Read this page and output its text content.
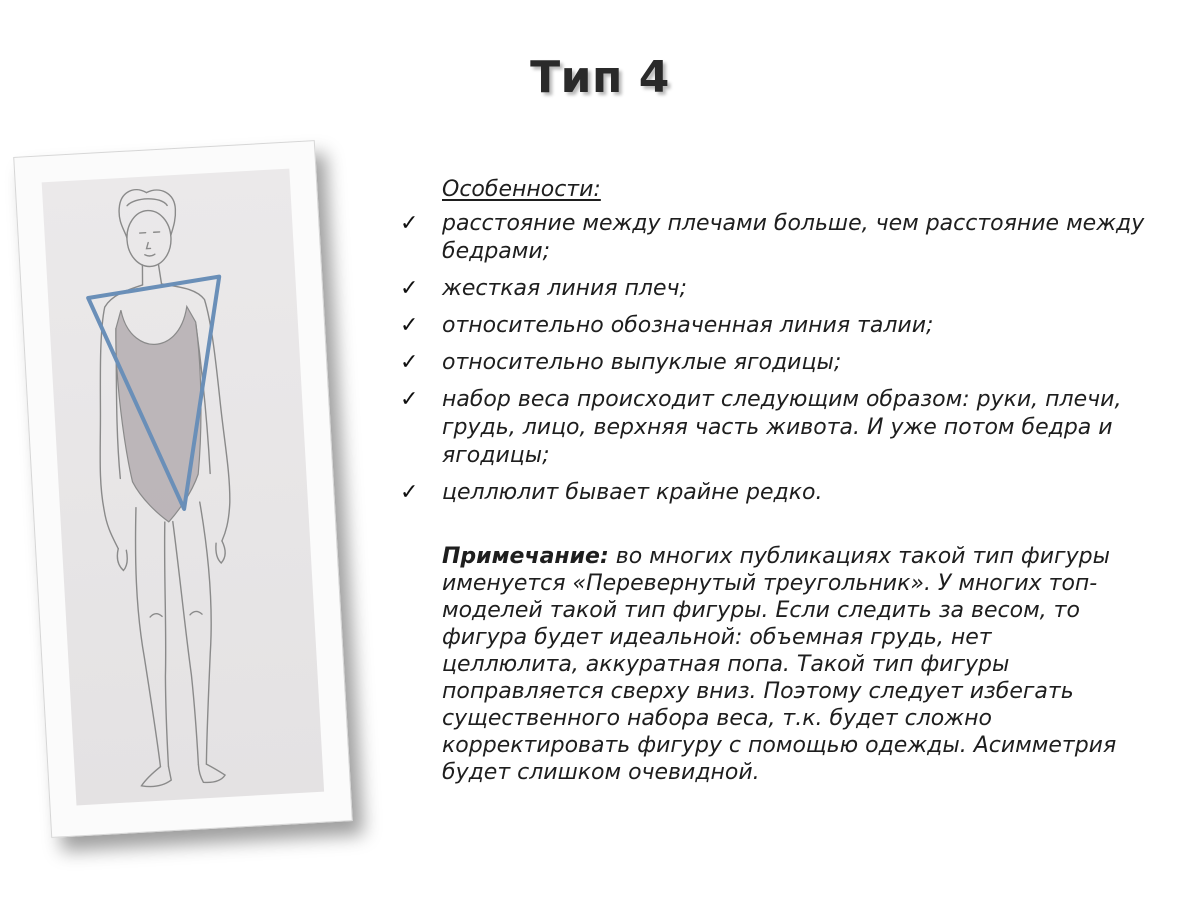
Тип 4
Особенности:
✓ расстояние между плечами больше, чем расстояние между бедрами;
✓ жесткая линия плеч;
✓ относительно обозначенная линия талии;
✓ относительно выпуклые ягодицы;
✓ набор веса происходит следующим образом: руки, плечи, грудь, лицо, верхняя часть живота. И уже потом бедра и ягодицы;
✓ целлюлит бывает крайне редко.
Примечание: во многих публикациях такой тип фигуры именуется «Перевернутый треугольник». У многих топ-моделей такой тип фигуры. Если следить за весом, то фигура будет идеальной: объемная грудь, нет целлюлита, аккуратная попа. Такой тип фигуры поправляется сверху вниз. Поэтому следует избегать существенного набора веса, т.к. будет сложно корректировать фигуру с помощью одежды. Асимметрия будет слишком очевидной.
